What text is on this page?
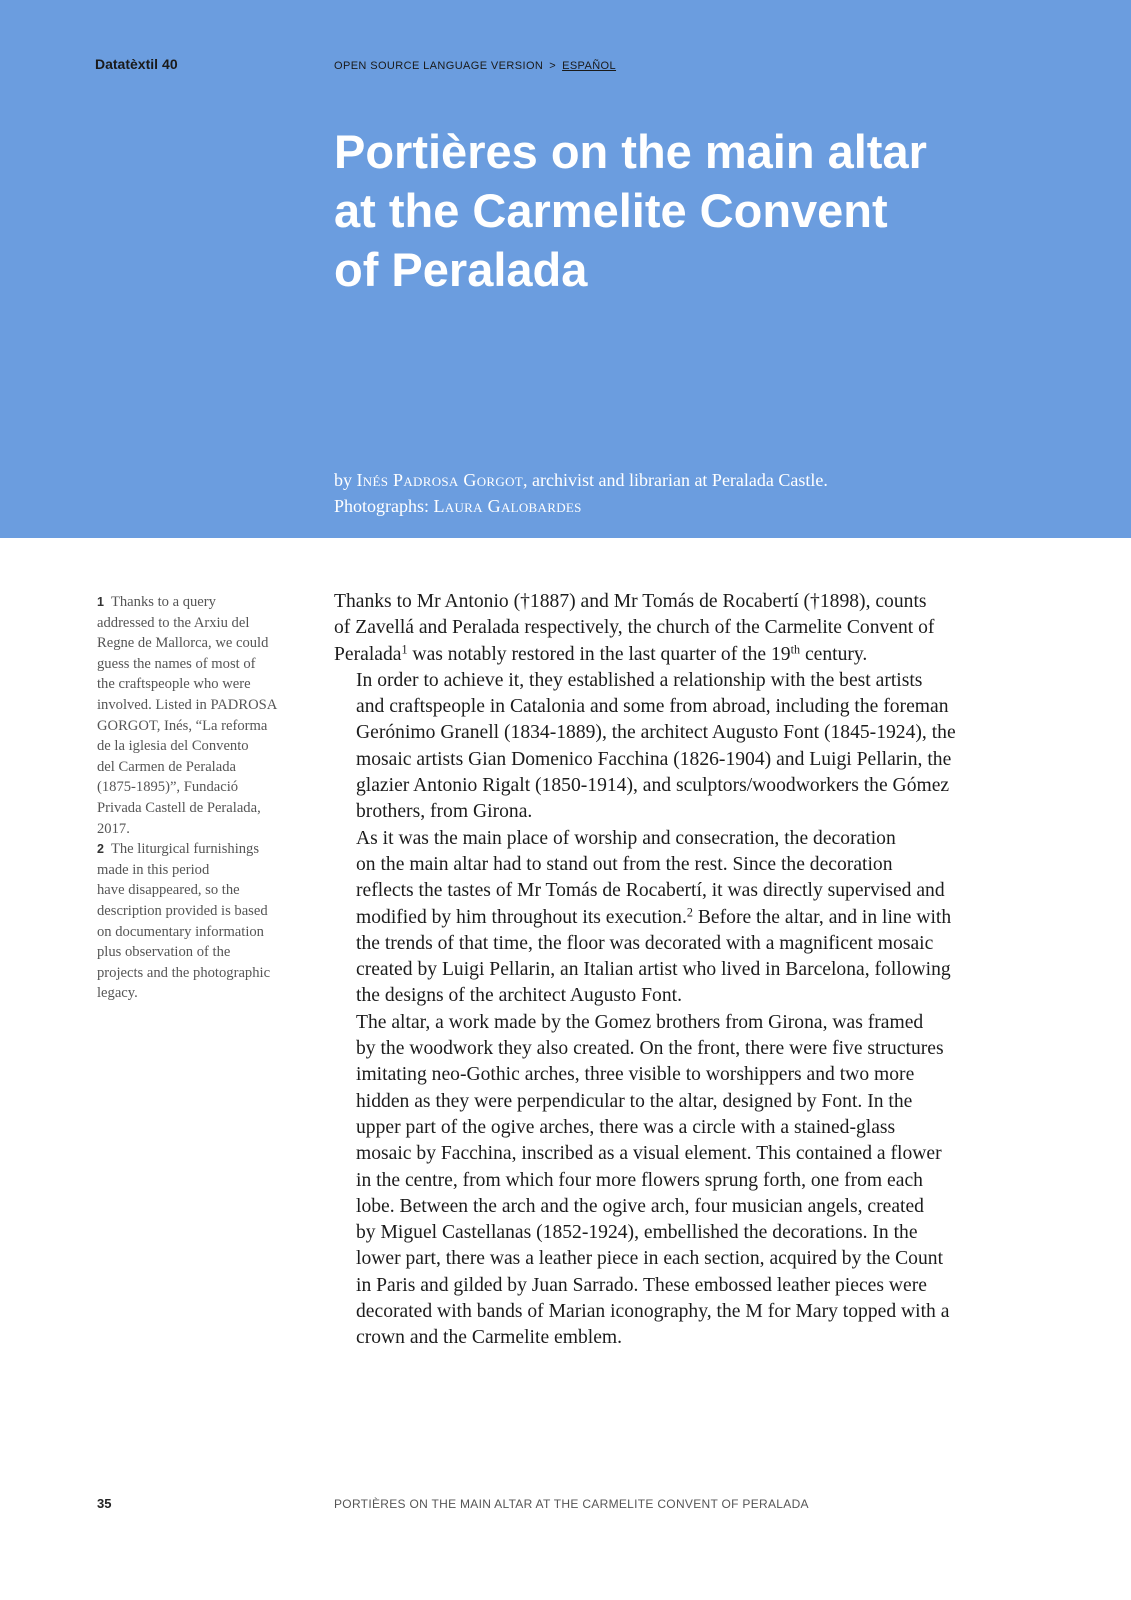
Datatèxtil 40	OPEN SOURCE LANGUAGE VERSION > ESPAÑOL
Portières on the main altar
at the Carmelite Convent
of Peralada
by Inés Padrosa Gorgot, archivist and librarian at Peralada Castle.
Photographs: Laura Galobardes

1 Thanks to a query
addressed to the Arxiu del
Regne de Mallorca, we could
guess the names of most of
the craftspeople who were
involved. Listed in PADROSA
GORGOT, Inés, “La reforma
de la iglesia del Convento
del Carmen de Peralada
(1875-1895)”, Fundació
Privada Castell de Peralada,
2017.

2 The liturgical furnishings
made in this period
have disappeared, so the
description provided is based
on documentary information
plus observation of the
projects and the photographic
legacy.

Thanks to Mr Antonio (†1887) and Mr Tomás de Rocabertí (†1898), counts
of Zavellá and Peralada respectively, the church of the Carmelite Convent of
Peralada$^1$ was notably restored in the last quarter of the 19th century.

In order to achieve it, they established a relationship with the best artists
and craftspeople in Catalonia and some from abroad, including the foreman
Gerónimo Granell (1834-1889), the architect Augusto Font (1845-1924), the
mosaic artists Gian Domenico Facchina (1826-1904) and Luigi Pellarin, the
glazier Antonio Rigalt (1850-1914), and sculptors/woodworkers the Gómez
brothers, from Girona.

As it was the main place of worship and consecration, the decoration
on the main altar had to stand out from the rest. Since the decoration
reflects the tastes of Mr Tomás de Rocabertí, it was directly supervised and
modified by him throughout its execution.$^2$ Before the altar, and in line with
the trends of that time, the floor was decorated with a magnificent mosaic
created by Luigi Pellarin, an Italian artist who lived in Barcelona, following
the designs of the architect Augusto Font.

The altar, a work made by the Gomez brothers from Girona, was framed
by the woodwork they also created. On the front, there were five structures
imitating neo-Gothic arches, three visible to worshippers and two more
hidden as they were perpendicular to the altar, designed by Font. In the
upper part of the ogive arches, there was a circle with a stained-glass
mosaic by Facchina, inscribed as a visual element. This contained a flower
in the centre, from which four more flowers sprung forth, one from each
lobe. Between the arch and the ogive arch, four musician angels, created
by Miguel Castellanas (1852-1924), embellished the decorations. In the
lower part, there was a leather piece in each section, acquired by the Count
in Paris and gilded by Juan Sarrado. These embossed leather pieces were
decorated with bands of Marian iconography, the M for Mary topped with a
crown and the Carmelite emblem.

35	PORTIÈRES ON THE MAIN ALTAR AT THE CARMELITE CONVENT OF PERALADA
